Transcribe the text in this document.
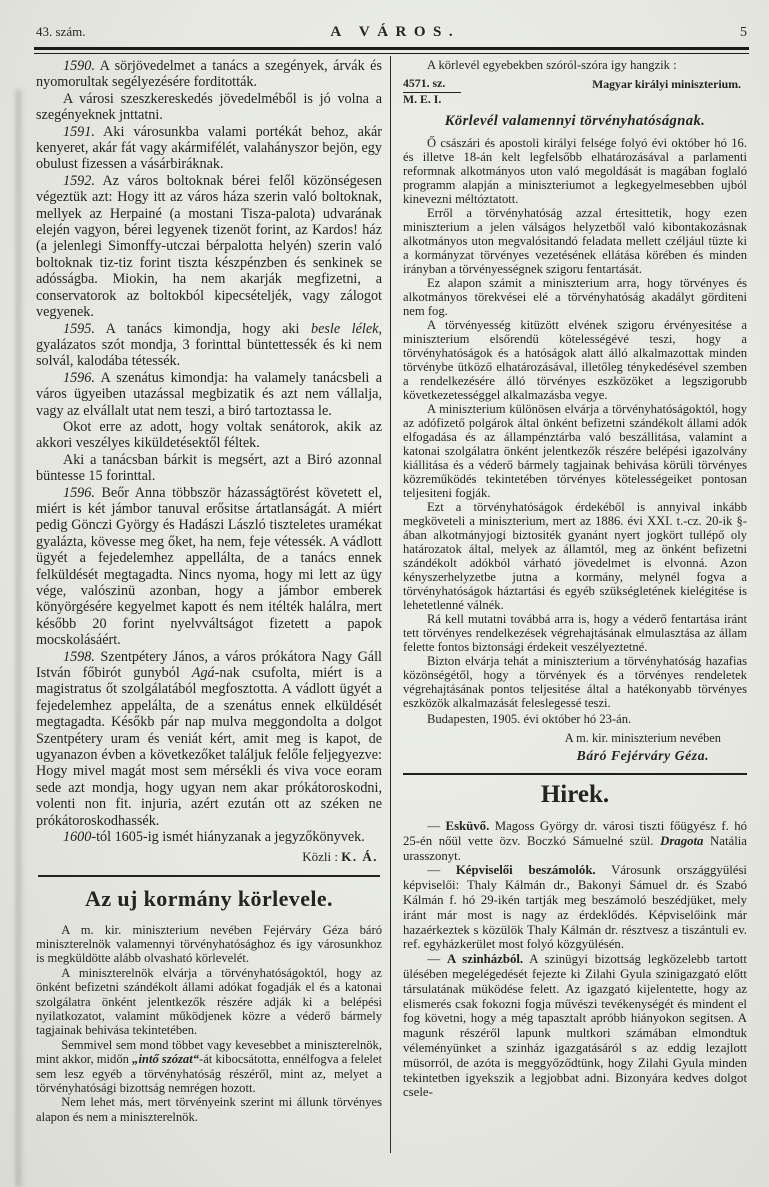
43. szám.	A VÁROS.	5

1590. A sörjövedelmet a tanács a szegények, árvák és nyomorultak segélyezésére forditották.

A városi szeszkereskedés jövedelméből is jó volna a szegényeknek jnttatni.

1591. Aki városunkba valami portékát behoz, akár kenyeret, akár fát vagy akármifélét, valahányszor bejön, egy obulust fizessen a vásárbiráknak.

1592. Az város boltoknak bérei felől közönségesen végeztük azt: Hogy itt az város háza szerin való boltoknak, mellyek az Herpainé (a mostani Tisza-palota) udvarának elején vagyon, bérei legyenek tizenöt forint, az Kardos! ház (a jelenlegi Simonffy-utczai bérpalotta helyén) szerin való boltoknak tiz-tiz forint tiszta készpénzben és senkinek se adósságba. Miokin, ha nem akarják megfizetni, a conservatorok az boltokból kipecsételjék, vagy zálogot vegyenek.

1595. A tanács kimondja, hogy aki besle lélek, gyalázatos szót mondja, 3 forinttal büntettessék és ki nem solvál, kalodába tétessék.

1596. A szenátus kimondja: ha valamely tanácsbeli a város ügyeiben utazással megbizatik és azt nem vállalja, vagy az elvállalt utat nem teszi, a biró tartoztassa le.

Okot erre az adott, hogy voltak senátorok, akik az akkori veszélyes kiküldetésektől féltek.

Aki a tanácsban bárkit is megsért, azt a Biró azonnal büntesse 15 forinttal.

1596. Beőr Anna többször házasságtörést követett el, miért is két jámbor tanuval erősitse ártatlanságát. A miért pedig Gönczi György és Hadászi László tiszteletes uramékat gyalázta, kövesse meg őket, ha nem, feje vétessék. A vádlott ügyét a fejedelemhez appellálta, de a tanács ennek felküldését megtagadta. Nincs nyoma, hogy mi lett az ügy vége, valószinü azonban, hogy a jámbor emberek könyörgésére kegyelmet kapott és nem itélték halálra, mert később 20 forint nyelvváltságot fizetett a papok mocskolásáért.

1598. Szentpétery János, a város prókátora Nagy Gáll István főbirót gunyból Agá-nak csufolta, miért is a magistratus őt szolgálatából megfosztotta. A vádlott ügyét a fejedelemhez appelálta, de a szenátus ennek elküldését megtagadta. Későkb pár nap mulva meggondolta a dolgot Szentpétery uram és veniát kért, amit meg is kapot, de ugyanazon évben a következőket találjuk felőle feljegyezve: Hogy mivel magát most sem mérsékli és viva voce eoram sede azt mondja, hogy ugyan nem akar prókátoroskodni, volenti non fit. injuria, azért ezután ott az széken ne prókátoroskodhassék.

1600-tól 1605-ig ismét hiányzanak a jegyzőkönyvek.

Közli : K. Á.

Az uj kormány körlevele.

A m. kir. miniszterium nevében Fejérváry Géza báró miniszterelnök valamennyi törvényhatósághoz és igy városunkhoz is megküldötte alább olvasható körlevelét.

A miniszterelnök elvárja a törvényhatóságoktól, hogy az önként befizetni szándékolt állami adókat fogadják el és a katonai szolgálatra önként jelentkezők részére adják ki a belépési nyilatkozatot, valamint működjenek közre a véderő bármely tagjainak behivása tekintetében.

Semmivel sem mond többet vagy kevesebbet a miniszterelnök, mint akkor, midőn „intő szózat“-át kibocsátotta, ennélfogva a felelet sem lesz egyéb a törvényhatóság részéről, mint az, melyet a törvényhatósági bizottság nemrégen hozott.

Nem lehet más, mert törvényeink szerint mi állunk törvényes alapon és nem a miniszterelnök.

A körlevél egyebekben szóról-szóra igy hangzik :

4571. sz.
M. E. I.
Magyar királyi miniszterium.
Körlevél valamennyi törvényhatóságnak.

Ő császári és apostoli királyi felsége folyó évi október hó 16. és illetve 18-án kelt legfelsőbb elhatározásával a parlamenti reformnak alkotmányos uton való megoldását is magában foglaló programm alapján a miniszteriumot a legkegyelmesebben ujból kinevezni méltóztatott.

Erről a törvényhatóság azzal értesittetik, hogy ezen miniszterium a jelen válságos helyzetből való kibontakozásnak alkotmányos uton megvalósitandó feladata mellett czéljául tüzte ki a kormányzat törvényes vezetésének ellátása körében és minden irányban a törvényességnek szigoru fentartását.

Ez alapon számit a miniszterium arra, hogy törvényes és alkotmányos törekvései elé a törvényhatóság akadályt görditeni nem fog.

A törvényesség kitüzött elvének szigoru érvényesitése a miniszterium elsőrendü kötelességévé teszi, hogy a törvényhatóságok és a hatóságok alatt álló alkalmazottak minden törvénybe ütköző elhatározásával, illetőleg ténykedésével szemben a rendelkezésére álló törvényes eszközöket a legszigorubb következetességgel alkalmazásba vegye.

A miniszterium különösen elvárja a törvényhatóságoktól, hogy az adófizető polgárok által önként befizetni szándékolt állami adók elfogadása és az állampénztárba való beszállitása, valamint a katonai szolgálatra önként jelentkezők részére belépési igazolvány kiállitása és a véderő bármely tagjainak behivása körüli törvényes közreműködés tekintetében törvényes kötelességeiket pontosan teljesiteni fogják.

Ezt a törvényhatóságok érdekéből is annyival inkább megköveteli a miniszterium, mert az 1886. évi XXI. t.-cz. 20-ik §-ában alkotmányjogi biztositék gyanánt nyert jogkört tullépő oly határozatok által, melyek az államtól, meg az önként befizetni szándékolt adókból várható jövedelmet is elvonná. Azon kényszerhelyzetbe jutna a kormány, melynél fogva a törvényhatóságok háztartási és egyéb szükségletének kielégitése is lehetetlenné válnék.

Rá kell mutatni továbbá arra is, hogy a véderő fentartása iránt tett törvényes rendelkezések végrehajtásának elmulasztása az állam felette fontos biztonsági érdekeit veszélyeztetné.

Bizton elvárja tehát a miniszterium a törvényhatóság hazafias közönségétől, hogy a törvények és a törvényes rendeletek végrehajtásának pontos teljesitése által a hatékonyabb törvényes eszközök alkalmazását feleslegessé teszi.

Budapesten, 1905. évi október hó 23-án.

A m. kir. miniszterium nevében
Báró Fejérváry Géza.
Hirek.

— Esküvő. Magoss György dr. városi tiszti főügyész f. hó 25-én nőül vette özv. Boczkó Sámuelné szül. Dragota Natália urasszonyt.

— Képviselői beszámolók. Városunk országgyülési képviselői: Thaly Kálmán dr., Bakonyi Sámuel dr. és Szabó Kálmán f. hó 29-ikén tartják meg beszámoló beszédjüket, mely iránt már most is nagy az érdeklődés. Képviselőink már hazaérkeztek s közülök Thaly Kálmán dr. résztvesz a tiszántuli ev. ref. egyházkerület most folyó közgyülésén.

— A szinházból. A szinügyi bizottság legközelebb tartott ülésében megelégedését fejezte ki Zilahi Gyula szinigazgató előtt társulatának müködése felett. Az igazgató kijelentette, hogy az elismerés csak fokozni fogja művészi tevékenységét és mindent el fog követni, hogy a még tapasztalt apróbb hiányokon segitsen. A magunk részéről lapunk multkori számában elmondtuk véleményünket a szinház igazgatásáról s az eddig lezajlott müsorról, de azóta is meggyőződtünk, hogy Zilahi Gyula minden tekintetben igyekszik a legjobbat adni. Bizonyára kedves dolgot csele-
